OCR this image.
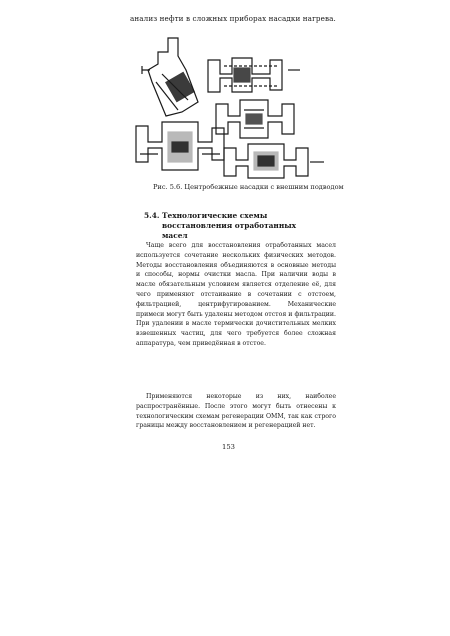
анализ нефти в сложных приборах насадки нагрева.
Рис. 5.6. Центробежные насадки с внешним подводом
5.4. Технологические схемы восстановления отработанных масел
Чаще всего для восстановления отработанных масел используется сочетание нескольких физических методов. Методы восстановления объединяются в основные методы и способы, нормы очистки масла. При наличии воды в масле обязательным условием является отделение её, для чего применяют отстаивание в сочетании с отстоем, фильтрацией, центрифугированием. Механические примеси могут быть удалены методом отстоя и фильтрации. При удалении в масле термически дочистительных мелких взвешенных частиц, для чего требуется более сложная аппаратура, чем приведённая в отстое.
Применяются некоторые из них, наиболее распространённые. После этого могут быть отнесены к технологическим схемам регенерации ОММ, так как строго границы между восстановлением и регенерацией нет.
153
